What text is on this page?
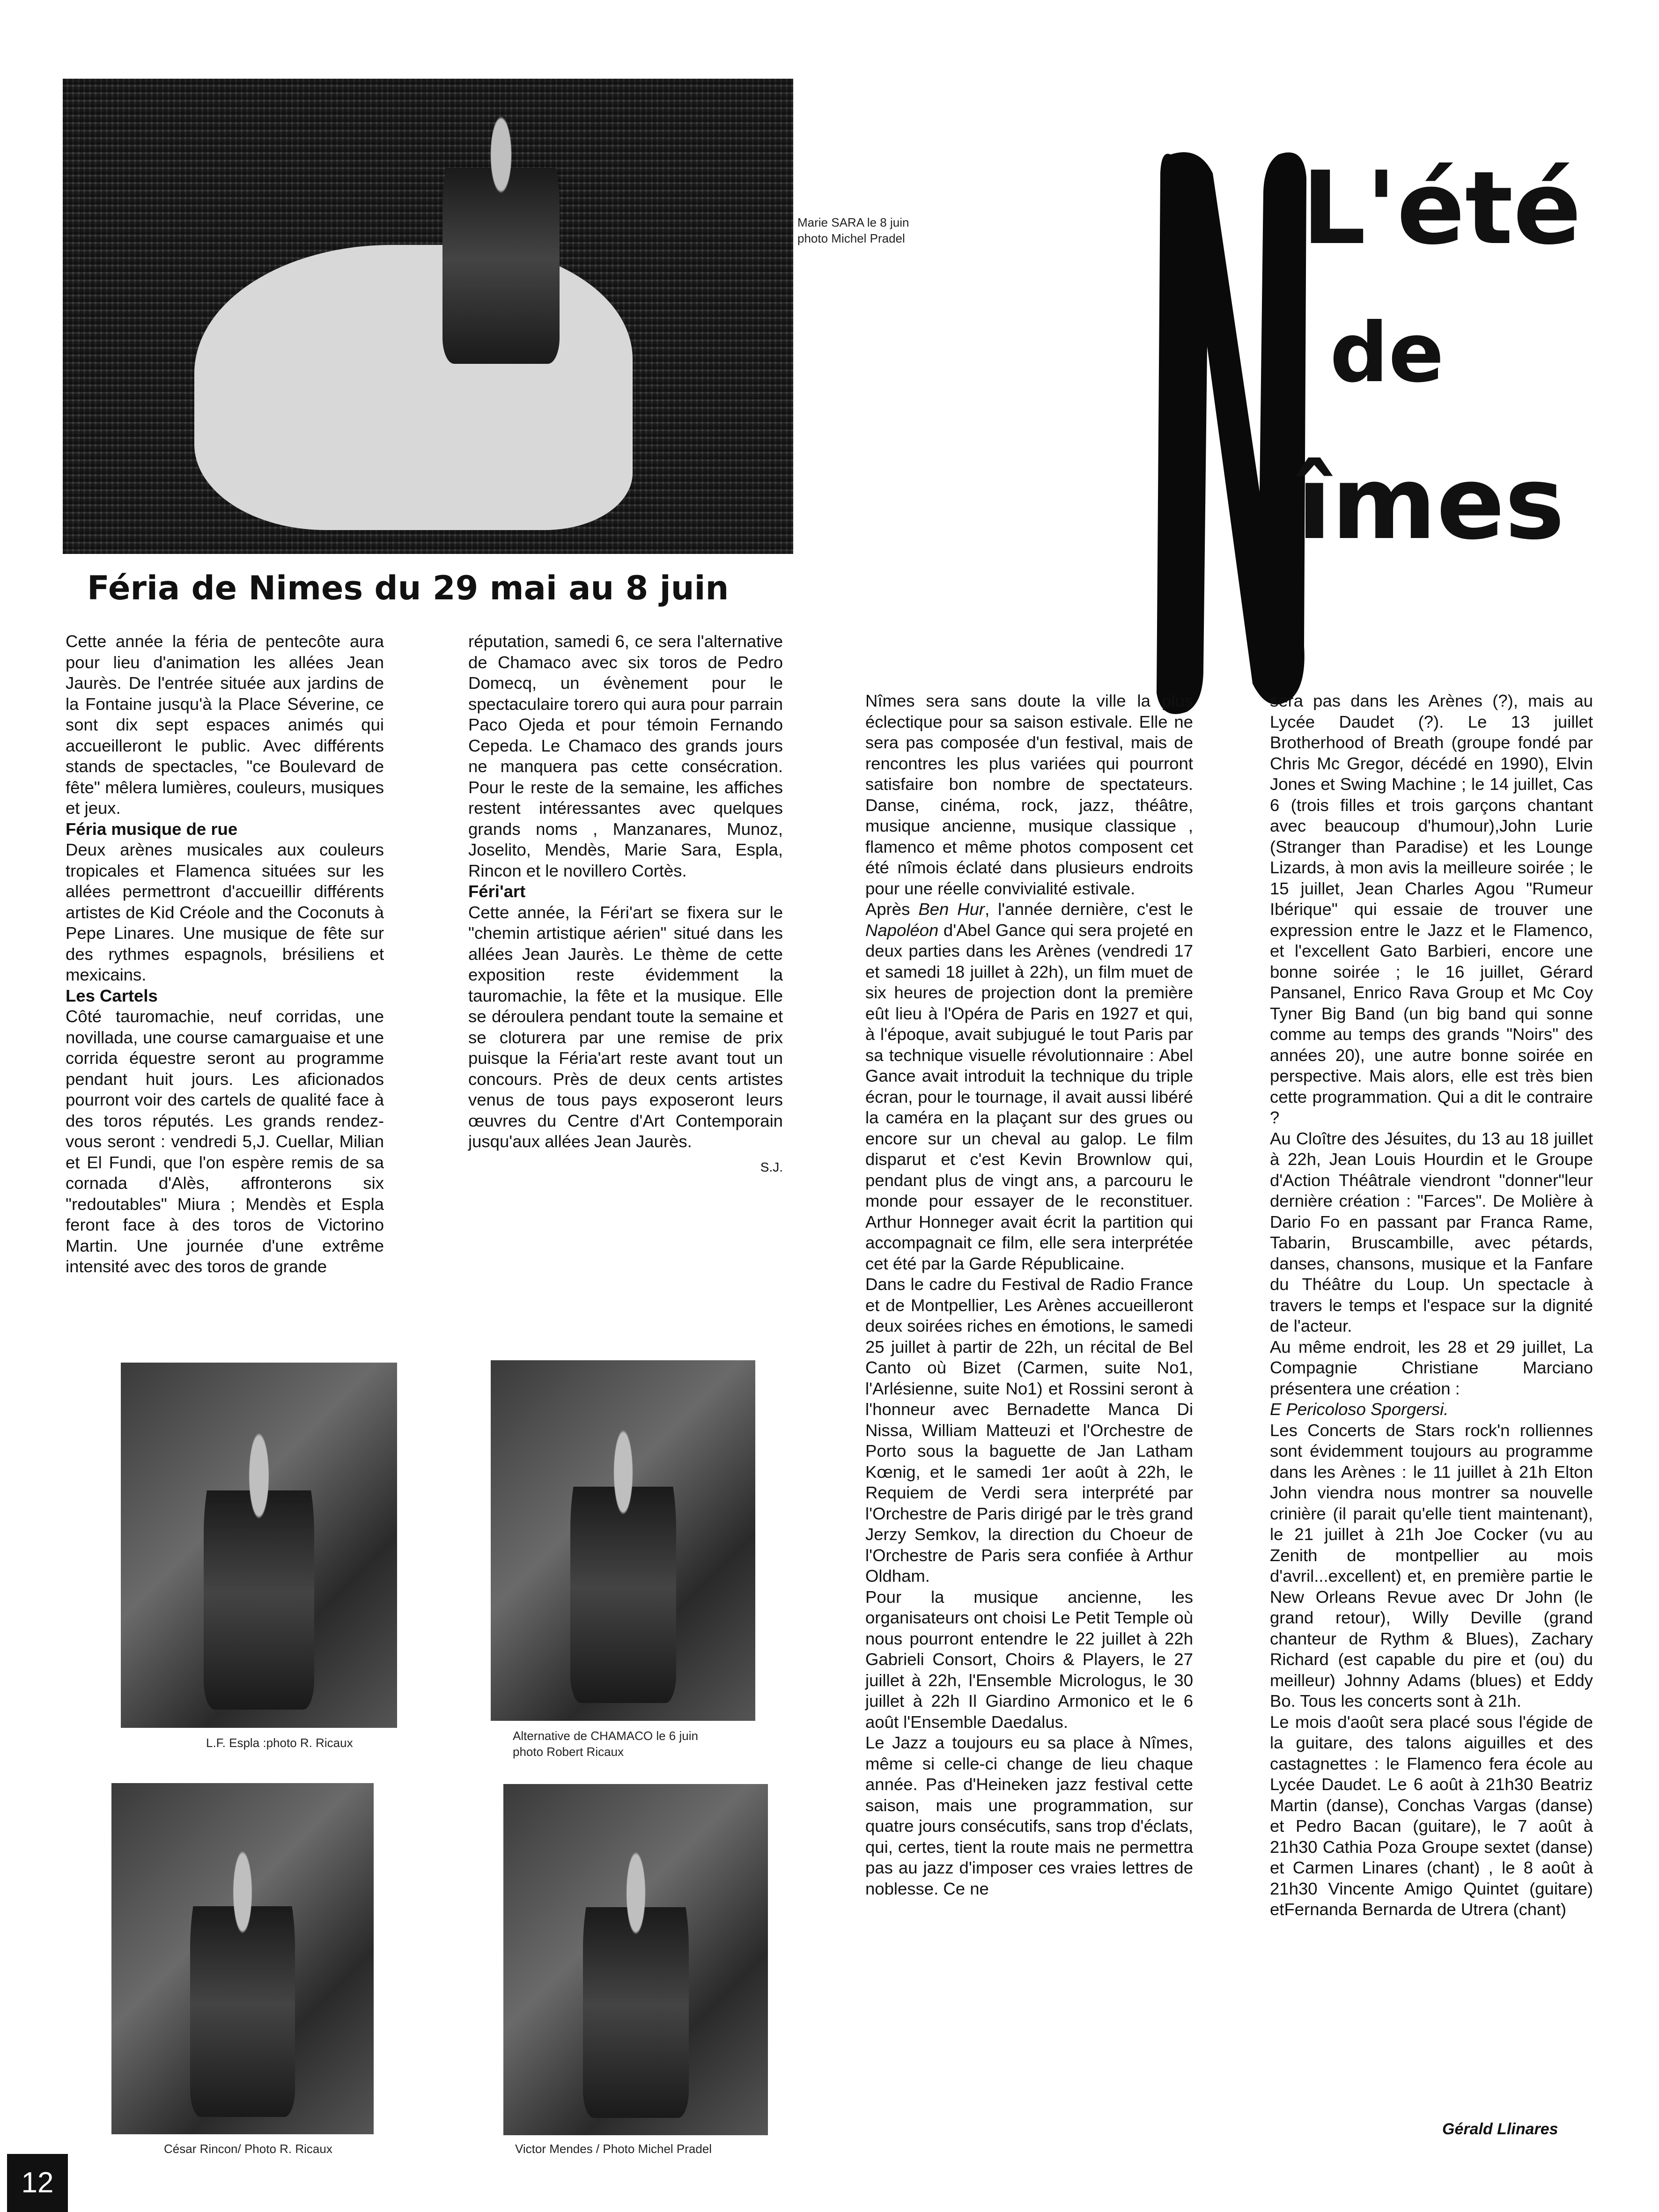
Marie SARA le 8 juin
photo Michel Pradel	L'été
de
îmes
Féria de Nimes du 29 mai au 8 juin

Cette année la féria de pentecôte aura pour lieu d'animation les allées Jean Jaurès. De l'entrée située aux jardins de la Fontaine jusqu'à la Place Séverine, ce sont dix sept espaces animés qui accueilleront le public. Avec différents stands de spectacles, "ce Boulevard de fête" mêlera lumières, couleurs, musiques et jeux.

Féria musique de rue

Deux arènes musicales aux couleurs tropicales et Flamenca situées sur les allées permettront d'accueillir différents artistes de Kid Créole and the Coconuts à Pepe Linares. Une musique de fête sur des rythmes espagnols, brésiliens et mexicains.

Les Cartels

Côté tauromachie, neuf corridas, une novillada, une course camarguaise et une corrida équestre seront au programme pendant huit jours. Les aficionados pourront voir des cartels de qualité face à des toros réputés. Les grands rendez-vous seront : vendredi 5,J. Cuellar, Milian et El Fundi, que l'on espère remis de sa cornada d'Alès, affronterons six "redoutables" Miura ; Mendès et Espla feront face à des toros de Victorino Martin. Une journée d'une extrême intensité avec des toros de grande

réputation, samedi 6, ce sera l'alternative de Chamaco avec six toros de Pedro Domecq, un évènement pour le spectaculaire torero qui aura pour parrain Paco Ojeda et pour témoin Fernando Cepeda. Le Chamaco des grands jours ne manquera pas cette consécration. Pour le reste de la semaine, les affiches restent intéressantes avec quelques grands noms , Manzanares, Munoz, Joselito, Mendès, Marie Sara, Espla, Rincon et le novillero Cortès.

Féri'art

Cette année, la Féri'art se fixera sur le "chemin artistique aérien" situé dans les allées Jean Jaurès. Le thème de cette exposition reste évidemment la tauromachie, la fête et la musique. Elle se déroulera pendant toute la semaine et se cloturera par une remise de prix puisque la Féria'art reste avant tout un concours. Près de deux cents artistes venus de tous pays exposeront leurs œuvres du Centre d'Art Contemporain jusqu'aux allées Jean Jaurès.

S.J.

L.F. Espla :photo R. Ricaux	Alternative de CHAMACO le 6 juin
photo Robert Ricaux
César Rincon/ Photo R. Ricaux	Victor Mendes / Photo Michel Pradel

Nîmes sera sans doute la ville la plus éclectique pour sa saison estivale. Elle ne sera pas composée d'un festival, mais de rencontres les plus variées qui pourront satisfaire bon nombre de spectateurs. Danse, cinéma, rock, jazz, théâtre, musique ancienne, musique classique , flamenco et même photos composent cet été nîmois éclaté dans plusieurs endroits pour une réelle convivialité estivale.

Après Ben Hur, l'année dernière, c'est le Napoléon d'Abel Gance qui sera projeté en deux parties dans les Arènes (vendredi 17 et samedi 18 juillet à 22h), un film muet de six heures de projection dont la première eût lieu à l'Opéra de Paris en 1927 et qui, à l'époque, avait subjugué le tout Paris par sa technique visuelle révolutionnaire : Abel Gance avait introduit la technique du triple écran, pour le tournage, il avait aussi libéré la caméra en la plaçant sur des grues ou encore sur un cheval au galop. Le film disparut et c'est Kevin Brownlow qui, pendant plus de vingt ans, a parcouru le monde pour essayer de le reconstituer. Arthur Honneger avait écrit la partition qui accompagnait ce film, elle sera interprétée cet été par la Garde Républicaine.

Dans le cadre du Festival de Radio France et de Montpellier, Les Arènes accueilleront deux soirées riches en émotions, le samedi 25 juillet à partir de 22h, un récital de Bel Canto où Bizet (Carmen, suite No1, l'Arlésienne, suite No1) et Rossini seront à l'honneur avec Bernadette Manca Di Nissa, William Matteuzi et l'Orchestre de Porto sous la baguette de Jan Latham Kœnig, et le samedi 1er août à 22h, le Requiem de Verdi sera interprété par l'Orchestre de Paris dirigé par le très grand Jerzy Semkov, la direction du Choeur de l'Orchestre de Paris sera confiée à Arthur Oldham.

Pour la musique ancienne, les organisateurs ont choisi Le Petit Temple où nous pourront entendre le 22 juillet à 22h Gabrieli Consort, Choirs & Players, le 27 juillet à 22h, l'Ensemble Micrologus, le 30 juillet à 22h Il Giardino Armonico et le 6 août l'Ensemble Daedalus.

Le Jazz a toujours eu sa place à Nîmes, même si celle-ci change de lieu chaque année. Pas d'Heineken jazz festival cette saison, mais une programmation, sur quatre jours consécutifs, sans trop d'éclats, qui, certes, tient la route mais ne permettra pas au jazz d'imposer ces vraies lettres de noblesse. Ce ne

sera pas dans les Arènes (?), mais au Lycée Daudet (?). Le 13 juillet Brotherhood of Breath (groupe fondé par Chris Mc Gregor, décédé en 1990), Elvin Jones et Swing Machine ; le 14 juillet, Cas 6 (trois filles et trois garçons chantant avec beaucoup d'humour),John Lurie (Stranger than Paradise) et les Lounge Lizards, à mon avis la meilleure soirée ; le 15 juillet, Jean Charles Agou "Rumeur Ibérique" qui essaie de trouver une expression entre le Jazz et le Flamenco, et l'excellent Gato Barbieri, encore une bonne soirée ; le 16 juillet, Gérard Pansanel, Enrico Rava Group et Mc Coy Tyner Big Band (un big band qui sonne comme au temps des grands "Noirs" des années 20), une autre bonne soirée en perspective. Mais alors, elle est très bien cette programmation. Qui a dit le contraire ?

Au Cloître des Jésuites, du 13 au 18 juillet à 22h, Jean Louis Hourdin et le Groupe d'Action Théâtrale viendront "donner"leur dernière création : "Farces". De Molière à Dario Fo en passant par Franca Rame, Tabarin, Bruscambille, avec pétards, danses, chansons, musique et la Fanfare du Théâtre du Loup. Un spectacle à travers le temps et l'espace sur la dignité de l'acteur.

Au même endroit, les 28 et 29 juillet, La Compagnie Christiane Marciano présentera une création :

E Pericoloso Sporgersi.

Les Concerts de Stars rock'n rolliennes sont évidemment toujours au programme dans les Arènes : le 11 juillet à 21h Elton John viendra nous montrer sa nouvelle crinière (il parait qu'elle tient maintenant), le 21 juillet à 21h Joe Cocker (vu au Zenith de montpellier au mois d'avril...excellent) et, en première partie le New Orleans Revue avec Dr John (le grand retour), Willy Deville (grand chanteur de Rythm & Blues), Zachary Richard (est capable du pire et (ou) du meilleur) Johnny Adams (blues) et Eddy Bo. Tous les concerts sont à 21h.

Le mois d'août sera placé sous l'égide de la guitare, des talons aiguilles et des castagnettes : le Flamenco fera école au Lycée Daudet. Le 6 août à 21h30 Beatriz Martin (danse), Conchas Vargas (danse) et Pedro Bacan (guitare), le 7 août à 21h30 Cathia Poza Groupe sextet (danse) et Carmen Linares (chant) , le 8 août à 21h30 Vincente Amigo Quintet (guitare) etFernanda Bernarda de Utrera (chant)

Gérald Llinares
12
